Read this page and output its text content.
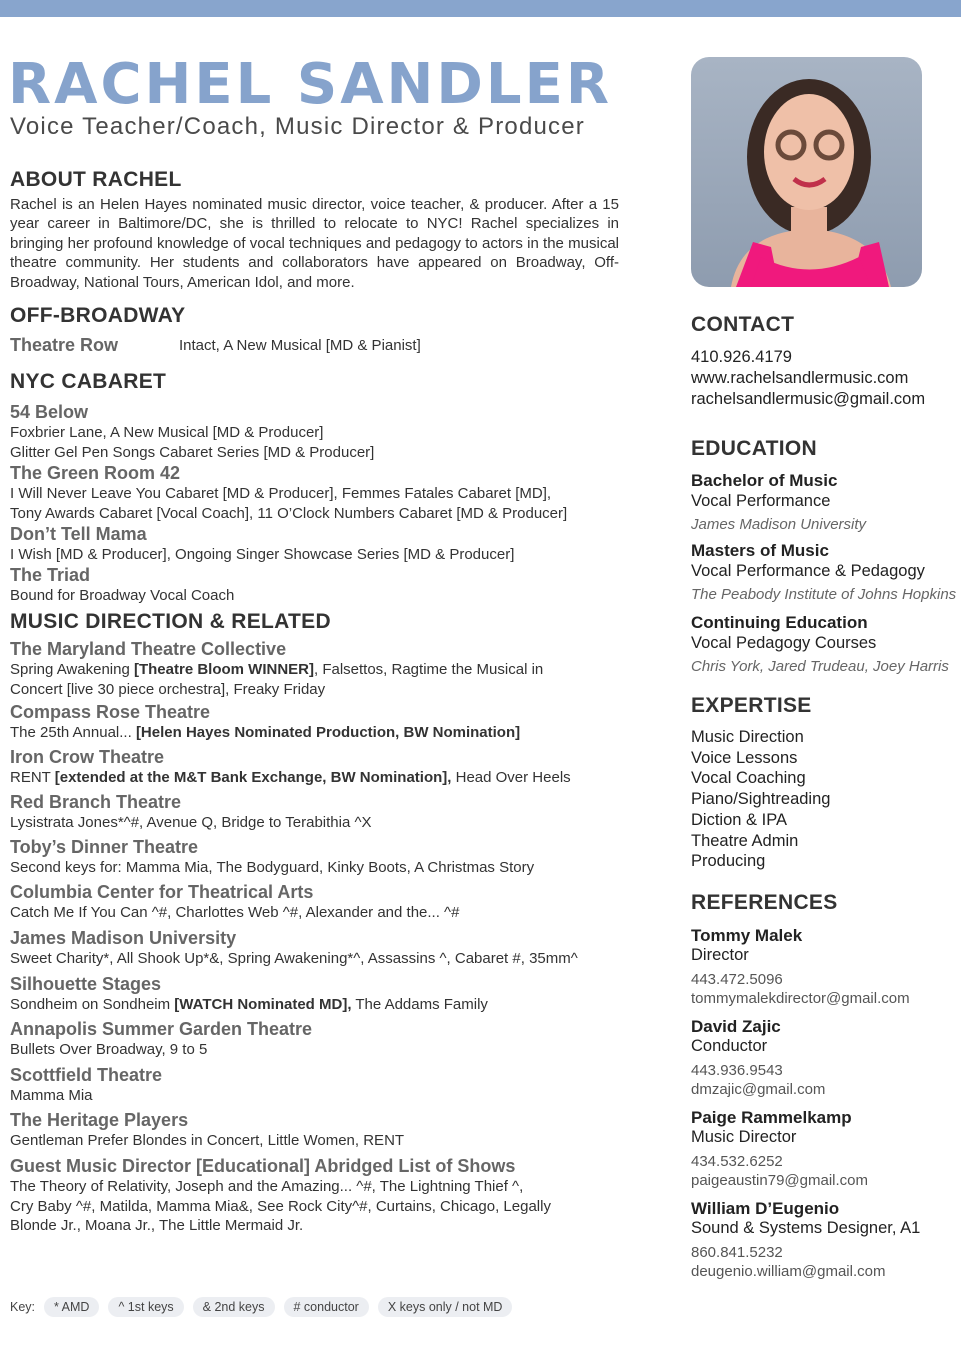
RACHEL SANDLER
Voice Teacher/Coach, Music Director & Producer
ABOUT RACHEL
Rachel is an Helen Hayes nominated music director, voice teacher, & producer. After a 15 year career in Baltimore/DC, she is thrilled to relocate to NYC! Rachel specializes in bringing her profound knowledge of vocal techniques and pedagogy to actors in the musical theatre community. Her students and collaborators have appeared on Broadway, Off-Broadway, National Tours, American Idol, and more.
OFF-BROADWAY
Theatre Row	Intact, A New Musical [MD & Pianist]
NYC CABARET
MUSIC DIRECTION & RELATED
Key:	* AMD	^ 1st keys	& 2nd keys	# conductor	X keys only / not MD
CONTACT
410.926.4179
www.rachelsandlermusic.com
rachelsandlermusic@gmail.com
EDUCATION
EXPERTISE
REFERENCES
54 Below
Foxbrier Lane, A New Musical [MD & Producer]
Glitter Gel Pen Songs Cabaret Series [MD & Producer]
The Green Room 42
I Will Never Leave You Cabaret [MD & Producer], Femmes Fatales Cabaret [MD],
Tony Awards Cabaret [Vocal Coach], 11 O’Clock Numbers Cabaret [MD & Producer]
Don’t Tell Mama
I Wish [MD & Producer], Ongoing Singer Showcase Series [MD & Producer]
The Triad
Bound for Broadway Vocal Coach
The Maryland Theatre Collective
Spring Awakening [Theatre Bloom WINNER], Falsettos, Ragtime the Musical in
Concert [live 30 piece orchestra], Freaky Friday
Compass Rose Theatre
The 25th Annual... [Helen Hayes Nominated Production, BW Nomination]
Iron Crow Theatre
RENT [extended at the M&T Bank Exchange, BW Nomination], Head Over Heels
Red Branch Theatre
Lysistrata Jones*^#, Avenue Q, Bridge to Terabithia ^X
Toby’s Dinner Theatre
Second keys for: Mamma Mia, The Bodyguard, Kinky Boots, A Christmas Story
Columbia Center for Theatrical Arts
Catch Me If You Can ^#, Charlottes Web ^#, Alexander and the... ^#
James Madison University
Sweet Charity*, All Shook Up*&, Spring Awakening*^, Assassins ^, Cabaret #, 35mm^
Silhouette Stages
Sondheim on Sondheim [WATCH Nominated MD], The Addams Family
Annapolis Summer Garden Theatre
Bullets Over Broadway, 9 to 5
Scottfield Theatre
Mamma Mia
The Heritage Players
Gentleman Prefer Blondes in Concert, Little Women, RENT
Guest Music Director [Educational] Abridged List of Shows
The Theory of Relativity, Joseph and the Amazing... ^#, The Lightning Thief ^,
Cry Baby ^#, Matilda, Mamma Mia&, See Rock City^#, Curtains, Chicago, Legally
Blonde Jr., Moana Jr., The Little Mermaid Jr.
Bachelor of Music
Vocal Performance
James Madison University
Masters of Music
Vocal Performance & Pedagogy
The Peabody Institute of Johns Hopkins
Continuing Education
Vocal Pedagogy Courses
Chris York, Jared Trudeau, Joey Harris
Music Direction
Voice Lessons
Vocal Coaching
Piano/Sightreading
Diction & IPA
Theatre Admin
Producing
Tommy Malek
Director
443.472.5096
tommymalekdirector@gmail.com
David Zajic
Conductor
443.936.9543
dmzajic@gmail.com
Paige Rammelkamp
Music Director
434.532.6252
paigeaustin79@gmail.com
William D’Eugenio
Sound & Systems Designer, A1
860.841.5232
deugenio.william@gmail.com
